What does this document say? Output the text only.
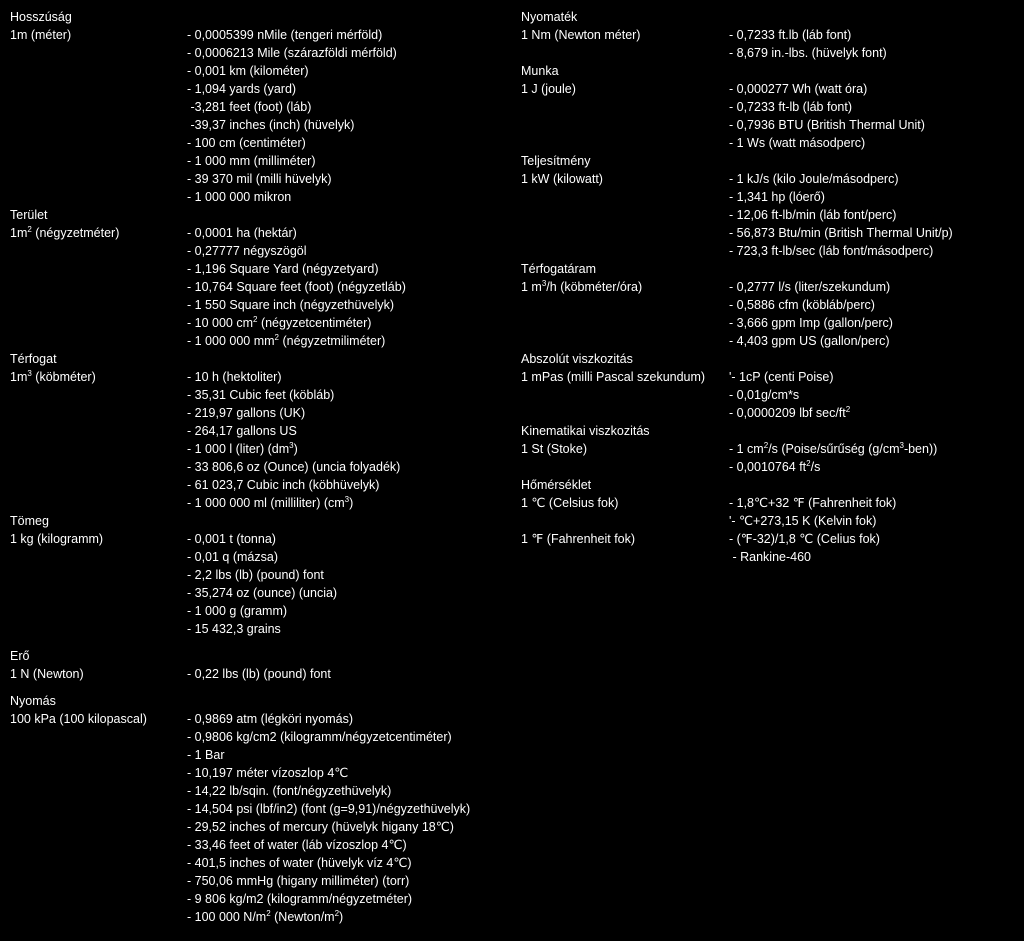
Hosszúság
1m (méter)	- 0,0005399 nMile (tengeri mérföld)
- 0,0006213 Mile (szárazföldi mérföld)
- 0,001 km (kilométer)
- 1,094 yards (yard)
-3,281 feet (foot) (láb)
-39,37 inches (inch) (hüvelyk)
- 100 cm (centiméter)
- 1 000 mm (milliméter)
- 39 370 mil (milli hüvelyk)
- 1 000 000 mikron
Terület
$1m^2$ (négyzetméter)	- 0,0001 ha (hektár)
- 0,27777 négyszögöl
- 1,196 Square Yard (négyzetyard)
- 10,764 Square feet (foot) (négyzetláb)
- 1 550 Square inch (négyzethüvelyk)
- 10 000 $cm^2$ (négyzetcentiméter)
- 1 000 000 $mm^2$ (négyzetmiliméter)
Térfogat
$1m^3$ (köbméter)	- 10 h (hektoliter)
- 35,31 Cubic feet (köbláb)
- 219,97 gallons (UK)
- 264,17 gallons US
- 1 000 l (liter) $(dm^3)$
- 33 806,6 oz (Ounce) (uncia folyadék)
- 61 023,7 Cubic inch (köbhüvelyk)
- 1 000 000 ml (milliliter) $(cm^3)$
Tömeg
1 kg (kilogramm)	- 0,001 t (tonna)
- 0,01 q (mázsa)
- 2,2 lbs (lb) (pound) font
- 35,274 oz (ounce) (uncia)
- 1 000 g (gramm)
- 15 432,3 grains
Erő
1 N (Newton)	- 0,22 lbs (lb) (pound) font
Nyomás
100 kPa (100 kilopascal)	- 0,9869 atm (légköri nyomás)
- 0,9806 kg/cm2 (kilogramm/négyzetcentiméter)
- 1 Bar
- 10,197 méter vízoszlop 4℃
- 14,22 lb/sqin. (font/négyzethüvelyk)
- 14,504 psi (lbf/in2) (font (g=9,91)/négyzethüvelyk)
- 29,52 inches of mercury (hüvelyk higany 18℃)
- 33,46 feet of water (láb vízoszlop 4℃)
- 401,5 inches of water (hüvelyk víz 4℃)
- 750,06 mmHg (higany milliméter) (torr)
- 9 806 kg/m2 (kilogramm/négyzetméter)
- 100 000 $N/m^2$ $(Newton/m^2)$
Nyomaték
1 Nm (Newton méter)	- 0,7233 ft.lb (láb font)
- 8,679 in.-lbs. (hüvelyk font)
Munka
1 J (joule)	- 0,000277 Wh (watt óra)
- 0,7233 ft-lb (láb font)
- 0,7936 BTU (British Thermal Unit)
- 1 Ws (watt másodperc)
Teljesítmény
1 kW (kilowatt)	- 1 kJ/s (kilo Joule/másodperc)
- 1,341 hp (lóerő)
- 12,06 ft-lb/min (láb font/perc)
- 56,873 Btu/min (British Thermal Unit/p)
- 723,3 ft-lb/sec (láb font/másodperc)
Térfogatáram
1 $m^3/h$ (köbméter/óra)	- 0,2777 l/s (liter/szekundum)
- 0,5886 cfm (köbláb/perc)
- 3,666 gpm Imp (gallon/perc)
- 4,403 gpm US (gallon/perc)
Abszolút viszkozitás
1 mPas (milli Pascal szekundum)	'- 1cP (centi Poise)
- 0,01g/cm*s
- 0,0000209 lbf $\sec/ft^2$
Kinematikai viszkozitás
1 St (Stoke)	- 1 $cm^2/s$ (Poise/sűrűség $(g/cm^3-ben)$)
- 0,0010764 $ft^2/s$
Hőmérséklet
1 ℃ (Celsius fok)	- 1,8℃+32 ℉ (Fahrenheit fok)
'- ℃+273,15 K (Kelvin fok)
1 ℉ (Fahrenheit fok)	- (℉-32)/1,8 ℃ (Celius fok)
- Rankine-460
